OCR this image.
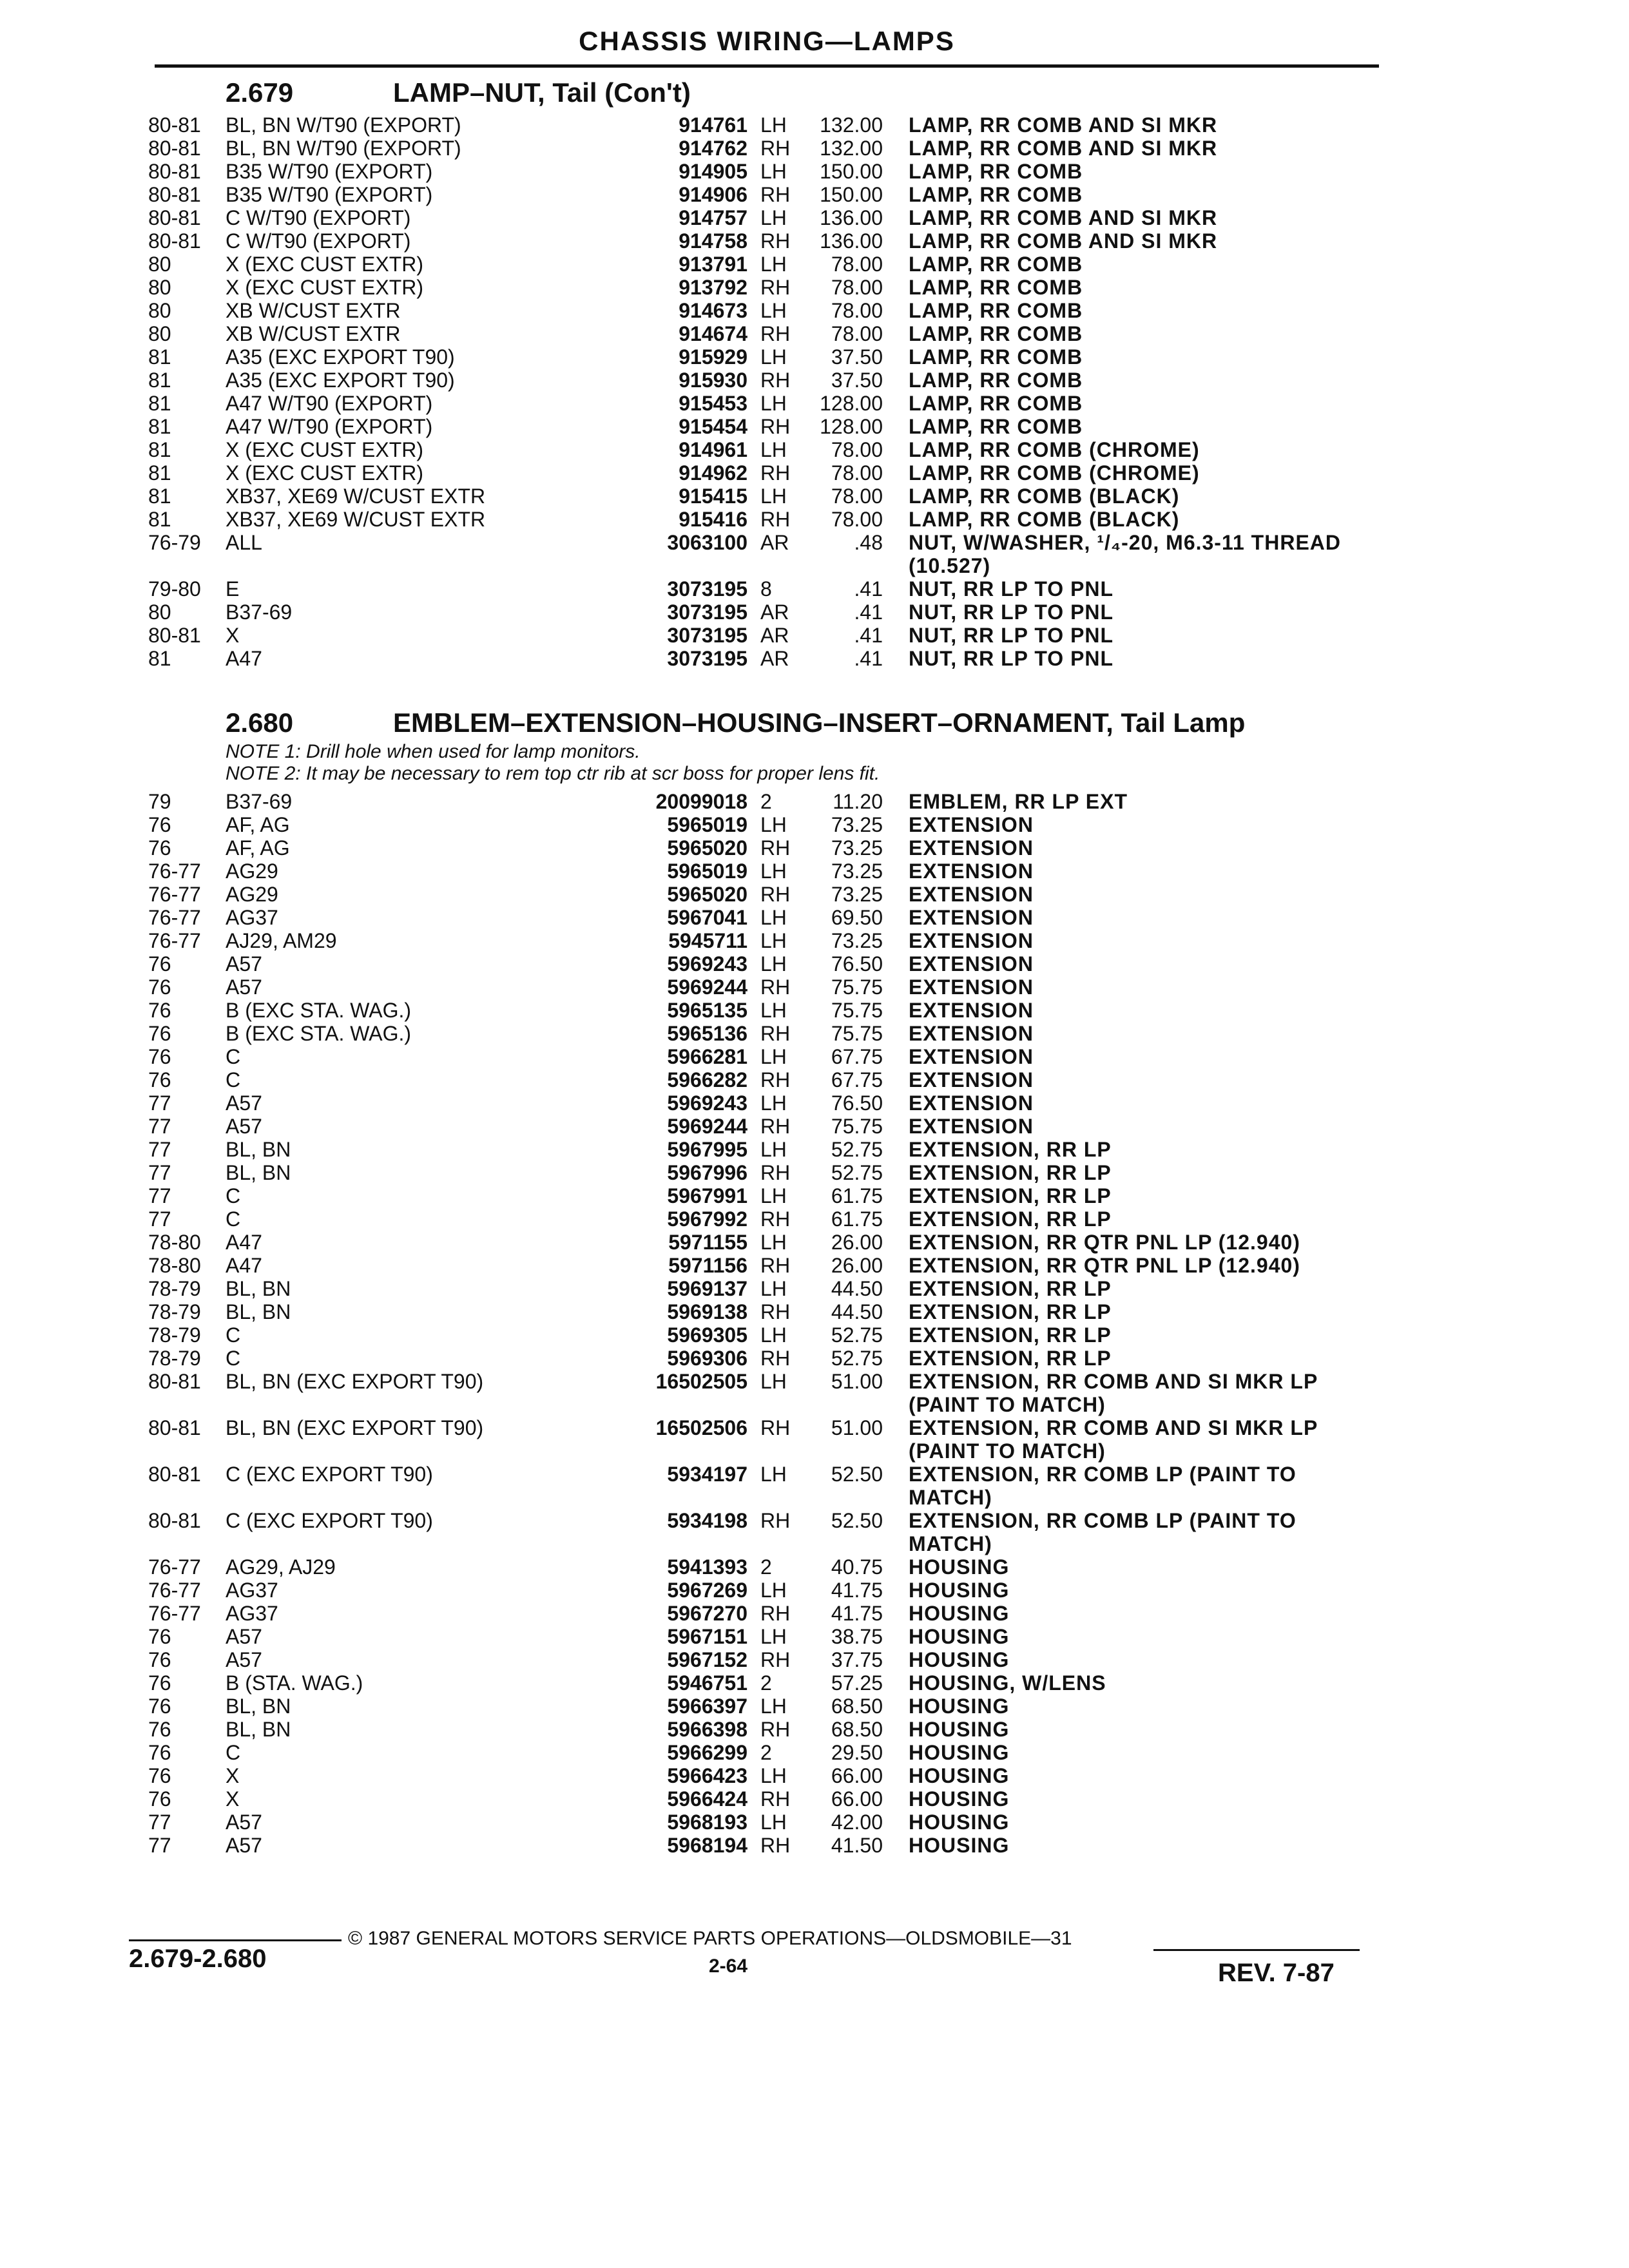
CHASSIS WIRING—LAMPS
2.679	LAMP–NUT, Tail (Con't)
80-81	BL, BN W/T90 (EXPORT)	914761 LH	132.00 LAMP, RR COMB AND SI MKR
80-81	BL, BN W/T90 (EXPORT)	914762 RH	132.00 LAMP, RR COMB AND SI MKR
80-81	B35 W/T90 (EXPORT)	914905 LH	150.00 LAMP, RR COMB
80-81	B35 W/T90 (EXPORT)	914906 RH	150.00 LAMP, RR COMB
80-81	C W/T90 (EXPORT)	914757 LH	136.00 LAMP, RR COMB AND SI MKR
80-81	C W/T90 (EXPORT)	914758 RH	136.00 LAMP, RR COMB AND SI MKR
80	X (EXC CUST EXTR)	913791 LH	78.00 LAMP, RR COMB
80	X (EXC CUST EXTR)	913792 RH	78.00 LAMP, RR COMB
80	XB W/CUST EXTR	914673 LH	78.00 LAMP, RR COMB
80	XB W/CUST EXTR	914674 RH	78.00 LAMP, RR COMB
81	A35 (EXC EXPORT T90)	915929 LH	37.50 LAMP, RR COMB
81	A35 (EXC EXPORT T90)	915930 RH	37.50 LAMP, RR COMB
81	A47 W/T90 (EXPORT)	915453 LH	128.00 LAMP, RR COMB
81	A47 W/T90 (EXPORT)	915454 RH	128.00 LAMP, RR COMB
81	X (EXC CUST EXTR)	914961 LH	78.00 LAMP, RR COMB (CHROME)
81	X (EXC CUST EXTR)	914962 RH	78.00 LAMP, RR COMB (CHROME)
81	XB37, XE69 W/CUST EXTR	915415 LH	78.00 LAMP, RR COMB (BLACK)
81	XB37, XE69 W/CUST EXTR	915416 RH	78.00 LAMP, RR COMB (BLACK)
76-79	ALL	3063100 AR	.48 NUT, W/WASHER, ¹/₄-20, M6.3-11 THREAD (10.527)
79-80	E	3073195 8	.41 NUT, RR LP TO PNL
80	B37-69	3073195 AR	.41 NUT, RR LP TO PNL
80-81	X	3073195 AR	.41 NUT, RR LP TO PNL
81	A47	3073195 AR	.41 NUT, RR LP TO PNL
2.680	EMBLEM–EXTENSION–HOUSING–INSERT–ORNAMENT, Tail Lamp
NOTE 1: Drill hole when used for lamp monitors.
NOTE 2: It may be necessary to rem top ctr rib at scr boss for proper lens fit.
79	B37-69	20099018 2	11.20 EMBLEM, RR LP EXT
76	AF, AG	5965019 LH	73.25 EXTENSION
76	AF, AG	5965020 RH	73.25 EXTENSION
76-77	AG29	5965019 LH	73.25 EXTENSION
76-77	AG29	5965020 RH	73.25 EXTENSION
76-77	AG37	5967041 LH	69.50 EXTENSION
76-77	AJ29, AM29	5945711 LH	73.25 EXTENSION
76	A57	5969243 LH	76.50 EXTENSION
76	A57	5969244 RH	75.75 EXTENSION
76	B (EXC STA. WAG.)	5965135 LH	75.75 EXTENSION
76	B (EXC STA. WAG.)	5965136 RH	75.75 EXTENSION
76	C	5966281 LH	67.75 EXTENSION
76	C	5966282 RH	67.75 EXTENSION
77	A57	5969243 LH	76.50 EXTENSION
77	A57	5969244 RH	75.75 EXTENSION
77	BL, BN	5967995 LH	52.75 EXTENSION, RR LP
77	BL, BN	5967996 RH	52.75 EXTENSION, RR LP
77	C	5967991 LH	61.75 EXTENSION, RR LP
77	C	5967992 RH	61.75 EXTENSION, RR LP
78-80	A47	5971155 LH	26.00 EXTENSION, RR QTR PNL LP (12.940)
78-80	A47	5971156 RH	26.00 EXTENSION, RR QTR PNL LP (12.940)
78-79	BL, BN	5969137 LH	44.50 EXTENSION, RR LP
78-79	BL, BN	5969138 RH	44.50 EXTENSION, RR LP
78-79	C	5969305 LH	52.75 EXTENSION, RR LP
78-79	C	5969306 RH	52.75 EXTENSION, RR LP
80-81	BL, BN (EXC EXPORT T90)	16502505 LH	51.00 EXTENSION, RR COMB AND SI MKR LP (PAINT TO MATCH)
80-81	BL, BN (EXC EXPORT T90)	16502506 RH	51.00 EXTENSION, RR COMB AND SI MKR LP (PAINT TO MATCH)
80-81	C (EXC EXPORT T90)	5934197 LH	52.50 EXTENSION, RR COMB LP (PAINT TO MATCH)
80-81	C (EXC EXPORT T90)	5934198 RH	52.50 EXTENSION, RR COMB LP (PAINT TO MATCH)
76-77	AG29, AJ29	5941393 2	40.75 HOUSING
76-77	AG37	5967269 LH	41.75 HOUSING
76-77	AG37	5967270 RH	41.75 HOUSING
76	A57	5967151 LH	38.75 HOUSING
76	A57	5967152 RH	37.75 HOUSING
76	B (STA. WAG.)	5946751 2	57.25 HOUSING, W/LENS
76	BL, BN	5966397 LH	68.50 HOUSING
76	BL, BN	5966398 RH	68.50 HOUSING
76	C	5966299 2	29.50 HOUSING
76	X	5966423 LH	66.00 HOUSING
76	X	5966424 RH	66.00 HOUSING
77	A57	5968193 LH	42.00 HOUSING
77	A57	5968194 RH	41.50 HOUSING
2.679-2.680
© 1987 GENERAL MOTORS SERVICE PARTS OPERATIONS—OLDSMOBILE—31
2-64	REV. 7-87
